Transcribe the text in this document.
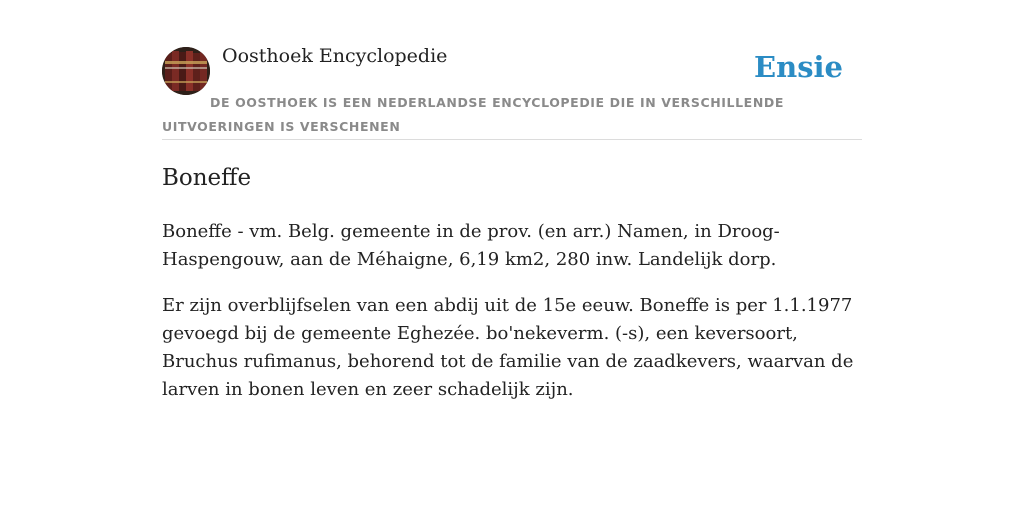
Oosthoek Encyclopedie	Ensie
DE OOSTHOEK IS EEN NEDERLANDSE ENCYCLOPEDIE DIE IN VERSCHILLENDE UITVOERINGEN IS VERSCHENEN
Boneffe

Boneffe - vm. Belg. gemeente in de prov. (en arr.) Namen, in Droog-Haspengouw, aan de Méhaigne, 6,19 km2, 280 inw. Landelijk dorp.

Er zijn overblijfselen van een abdij uit de 15e eeuw. Boneffe is per 1.1.1977 gevoegd bij de gemeente Eghezée. bo'nekeverm. (-s), een keversoort, Bruchus rufimanus, behorend tot de familie van de zaadkevers, waarvan de larven in bonen leven en zeer schadelijk zijn.
